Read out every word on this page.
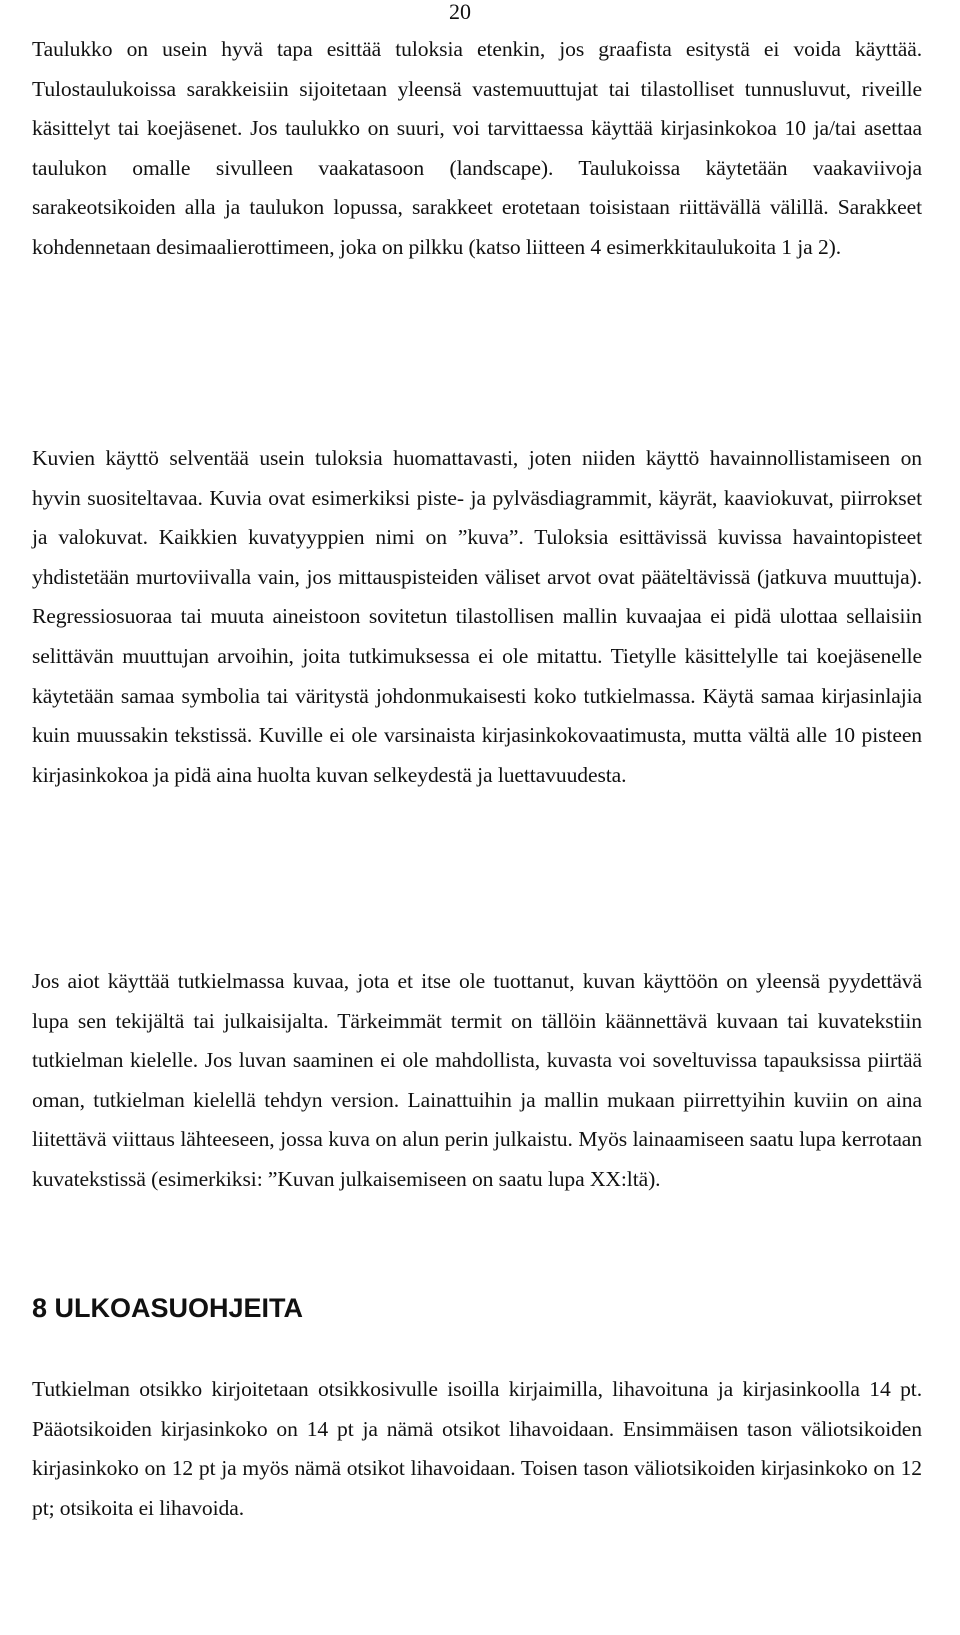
20

Taulukko on usein hyvä tapa esittää tuloksia etenkin, jos graafista esitystä ei voida käyttää. Tulostaulukoissa sarakkeisiin sijoitetaan yleensä vastemuuttujat tai tilastolliset tunnusluvut, riveille käsittelyt tai koejäsenet. Jos taulukko on suuri, voi tarvittaessa käyttää kirjasinkokoa 10 ja/tai asettaa taulukon omalle sivulleen vaakatasoon (landscape). Taulukoissa käytetään vaakaviivoja sarakeotsikoiden alla ja taulukon lopussa, sarakkeet erotetaan toisistaan riittävällä välillä. Sarakkeet kohdennetaan desimaalierottimeen, joka on pilkku (katso liitteen 4 esimerkkitaulukoita 1 ja 2).

Kuvien käyttö selventää usein tuloksia huomattavasti, joten niiden käyttö havainnollistamiseen on hyvin suositeltavaa. Kuvia ovat esimerkiksi piste- ja pylväsdiagrammit, käyrät, kaaviokuvat, piirrokset ja valokuvat. Kaikkien kuvatyyppien nimi on ”kuva”. Tuloksia esittävissä kuvissa havaintopisteet yhdistetään murtoviivalla vain, jos mittauspisteiden väliset arvot ovat pääteltävissä (jatkuva muuttuja). Regressiosuoraa tai muuta aineistoon sovitetun tilastollisen mallin kuvaajaa ei pidä ulottaa sellaisiin selittävän muuttujan arvoihin, joita tutkimuksessa ei ole mitattu. Tietylle käsittelylle tai koejäsenelle käytetään samaa symbolia tai väritystä johdonmukaisesti koko tutkielmassa. Käytä samaa kirjasinlajia kuin muussakin tekstissä. Kuville ei ole varsinaista kirjasinkokovaatimusta, mutta vältä alle 10 pisteen kirjasinkokoa ja pidä aina huolta kuvan selkeydestä ja luettavuudesta.

Jos aiot käyttää tutkielmassa kuvaa, jota et itse ole tuottanut, kuvan käyttöön on yleensä pyydettävä lupa sen tekijältä tai julkaisijalta. Tärkeimmät termit on tällöin käännettävä kuvaan tai kuvatekstiin tutkielman kielelle. Jos luvan saaminen ei ole mahdollista, kuvasta voi soveltuvissa tapauksissa piirtää oman, tutkielman kielellä tehdyn version. Lainattuihin ja mallin mukaan piirrettyihin kuviin on aina liitettävä viittaus lähteeseen, jossa kuva on alun perin julkaistu. Myös lainaamiseen saatu lupa kerrotaan kuvatekstissä (esimerkiksi: ”Kuvan julkaisemiseen on saatu lupa XX:ltä).

8 ULKOASUOHJEITA

Tutkielman otsikko kirjoitetaan otsikkosivulle isoilla kirjaimilla, lihavoituna ja kirjasinkoolla 14 pt. Pääotsikoiden kirjasinkoko on 14 pt ja nämä otsikot lihavoidaan. Ensimmäisen tason väliotsikoiden kirjasinkoko on 12 pt ja myös nämä otsikot lihavoidaan. Toisen tason väliotsikoiden kirjasinkoko on 12 pt; otsikoita ei lihavoida.
